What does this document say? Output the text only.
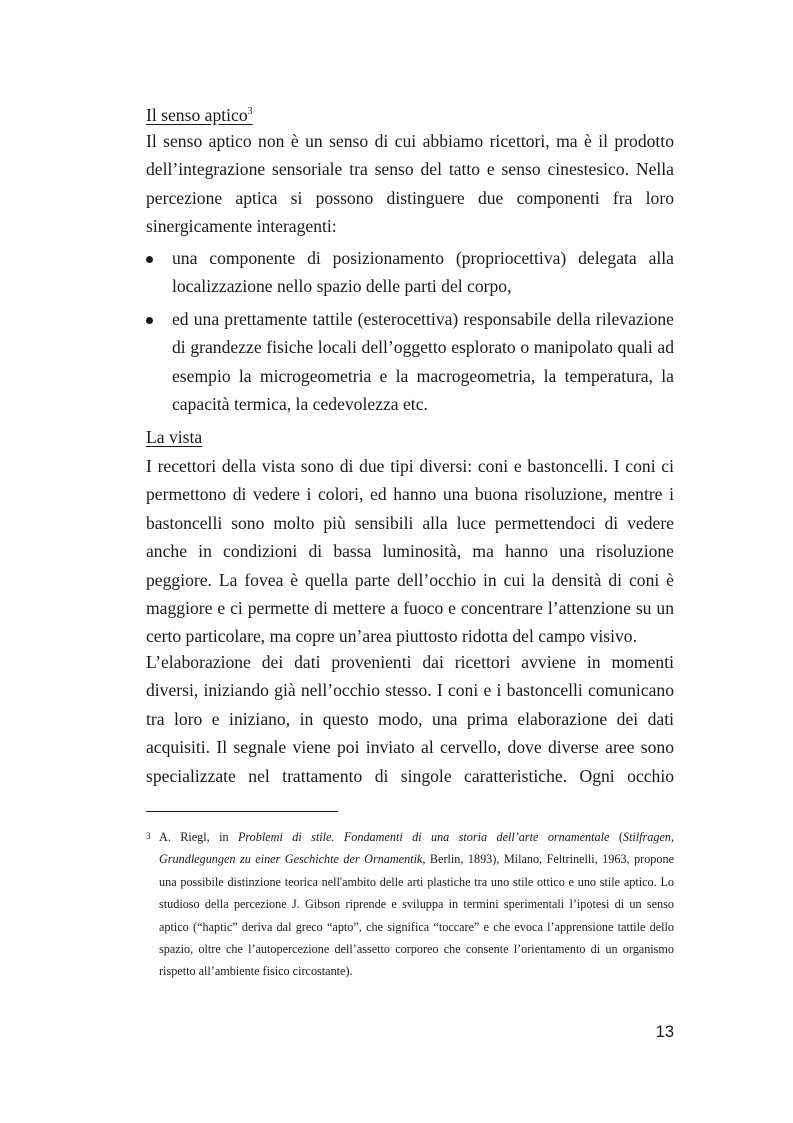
Il senso aptico$^3$
Il senso aptico non è un senso di cui abbiamo ricettori, ma è il prodotto dell’integrazione sensoriale tra senso del tatto e senso cinestesico. Nella percezione aptica si possono distinguere due componenti fra loro sinergicamente interagenti:
una componente di posizionamento (propriocettiva) delegata alla localizzazione nello spazio delle parti del corpo,
ed una prettamente tattile (esterocettiva) responsabile della rilevazione di grandezze fisiche locali dell’oggetto esplorato o manipolato quali ad esempio la microgeometria e la macrogeometria, la temperatura, la capacità termica, la cedevolezza etc.
La vista
I recettori della vista sono di due tipi diversi: coni e bastoncelli. I coni ci permettono di vedere i colori, ed hanno una buona risoluzione, mentre i bastoncelli sono molto più sensibili alla luce permettendoci di vedere anche in condizioni di bassa luminosità, ma hanno una risoluzione peggiore. La fovea è quella parte dell’occhio in cui la densità di coni è maggiore e ci permette di mettere a fuoco e concentrare l’attenzione su un certo particolare, ma copre un’area piuttosto ridotta del campo visivo.
L’elaborazione dei dati provenienti dai ricettori avviene in momenti diversi, iniziando già nell’occhio stesso. I coni e i bastoncelli comunicano tra loro e iniziano, in questo modo, una prima elaborazione dei dati acquisiti. Il segnale viene poi inviato al cervello, dove diverse aree sono specializzate nel trattamento di singole caratteristiche. Ogni occhio
3 A. Riegl, in Problemi di stile. Fondamenti di una storia dell’arte ornamentale (Stilfragen, Grundlegungen zu einer Geschichte der Ornamentik, Berlin, 1893), Milano, Feltrinelli, 1963, propone una possibile distinzione teorica nell'ambito delle arti plastiche tra uno stile ottico e uno stile aptico. Lo studioso della percezione J. Gibson riprende e sviluppa in termini sperimentali l’ipotesi di un senso aptico (“haptic” deriva dal greco “apto”, che significa “toccare” e che evoca l’apprensione tattile dello spazio, oltre che l’autopercezione dell’assetto corporeo che consente l’orientamento di un organismo rispetto all’ambiente fisico circostante).
13
